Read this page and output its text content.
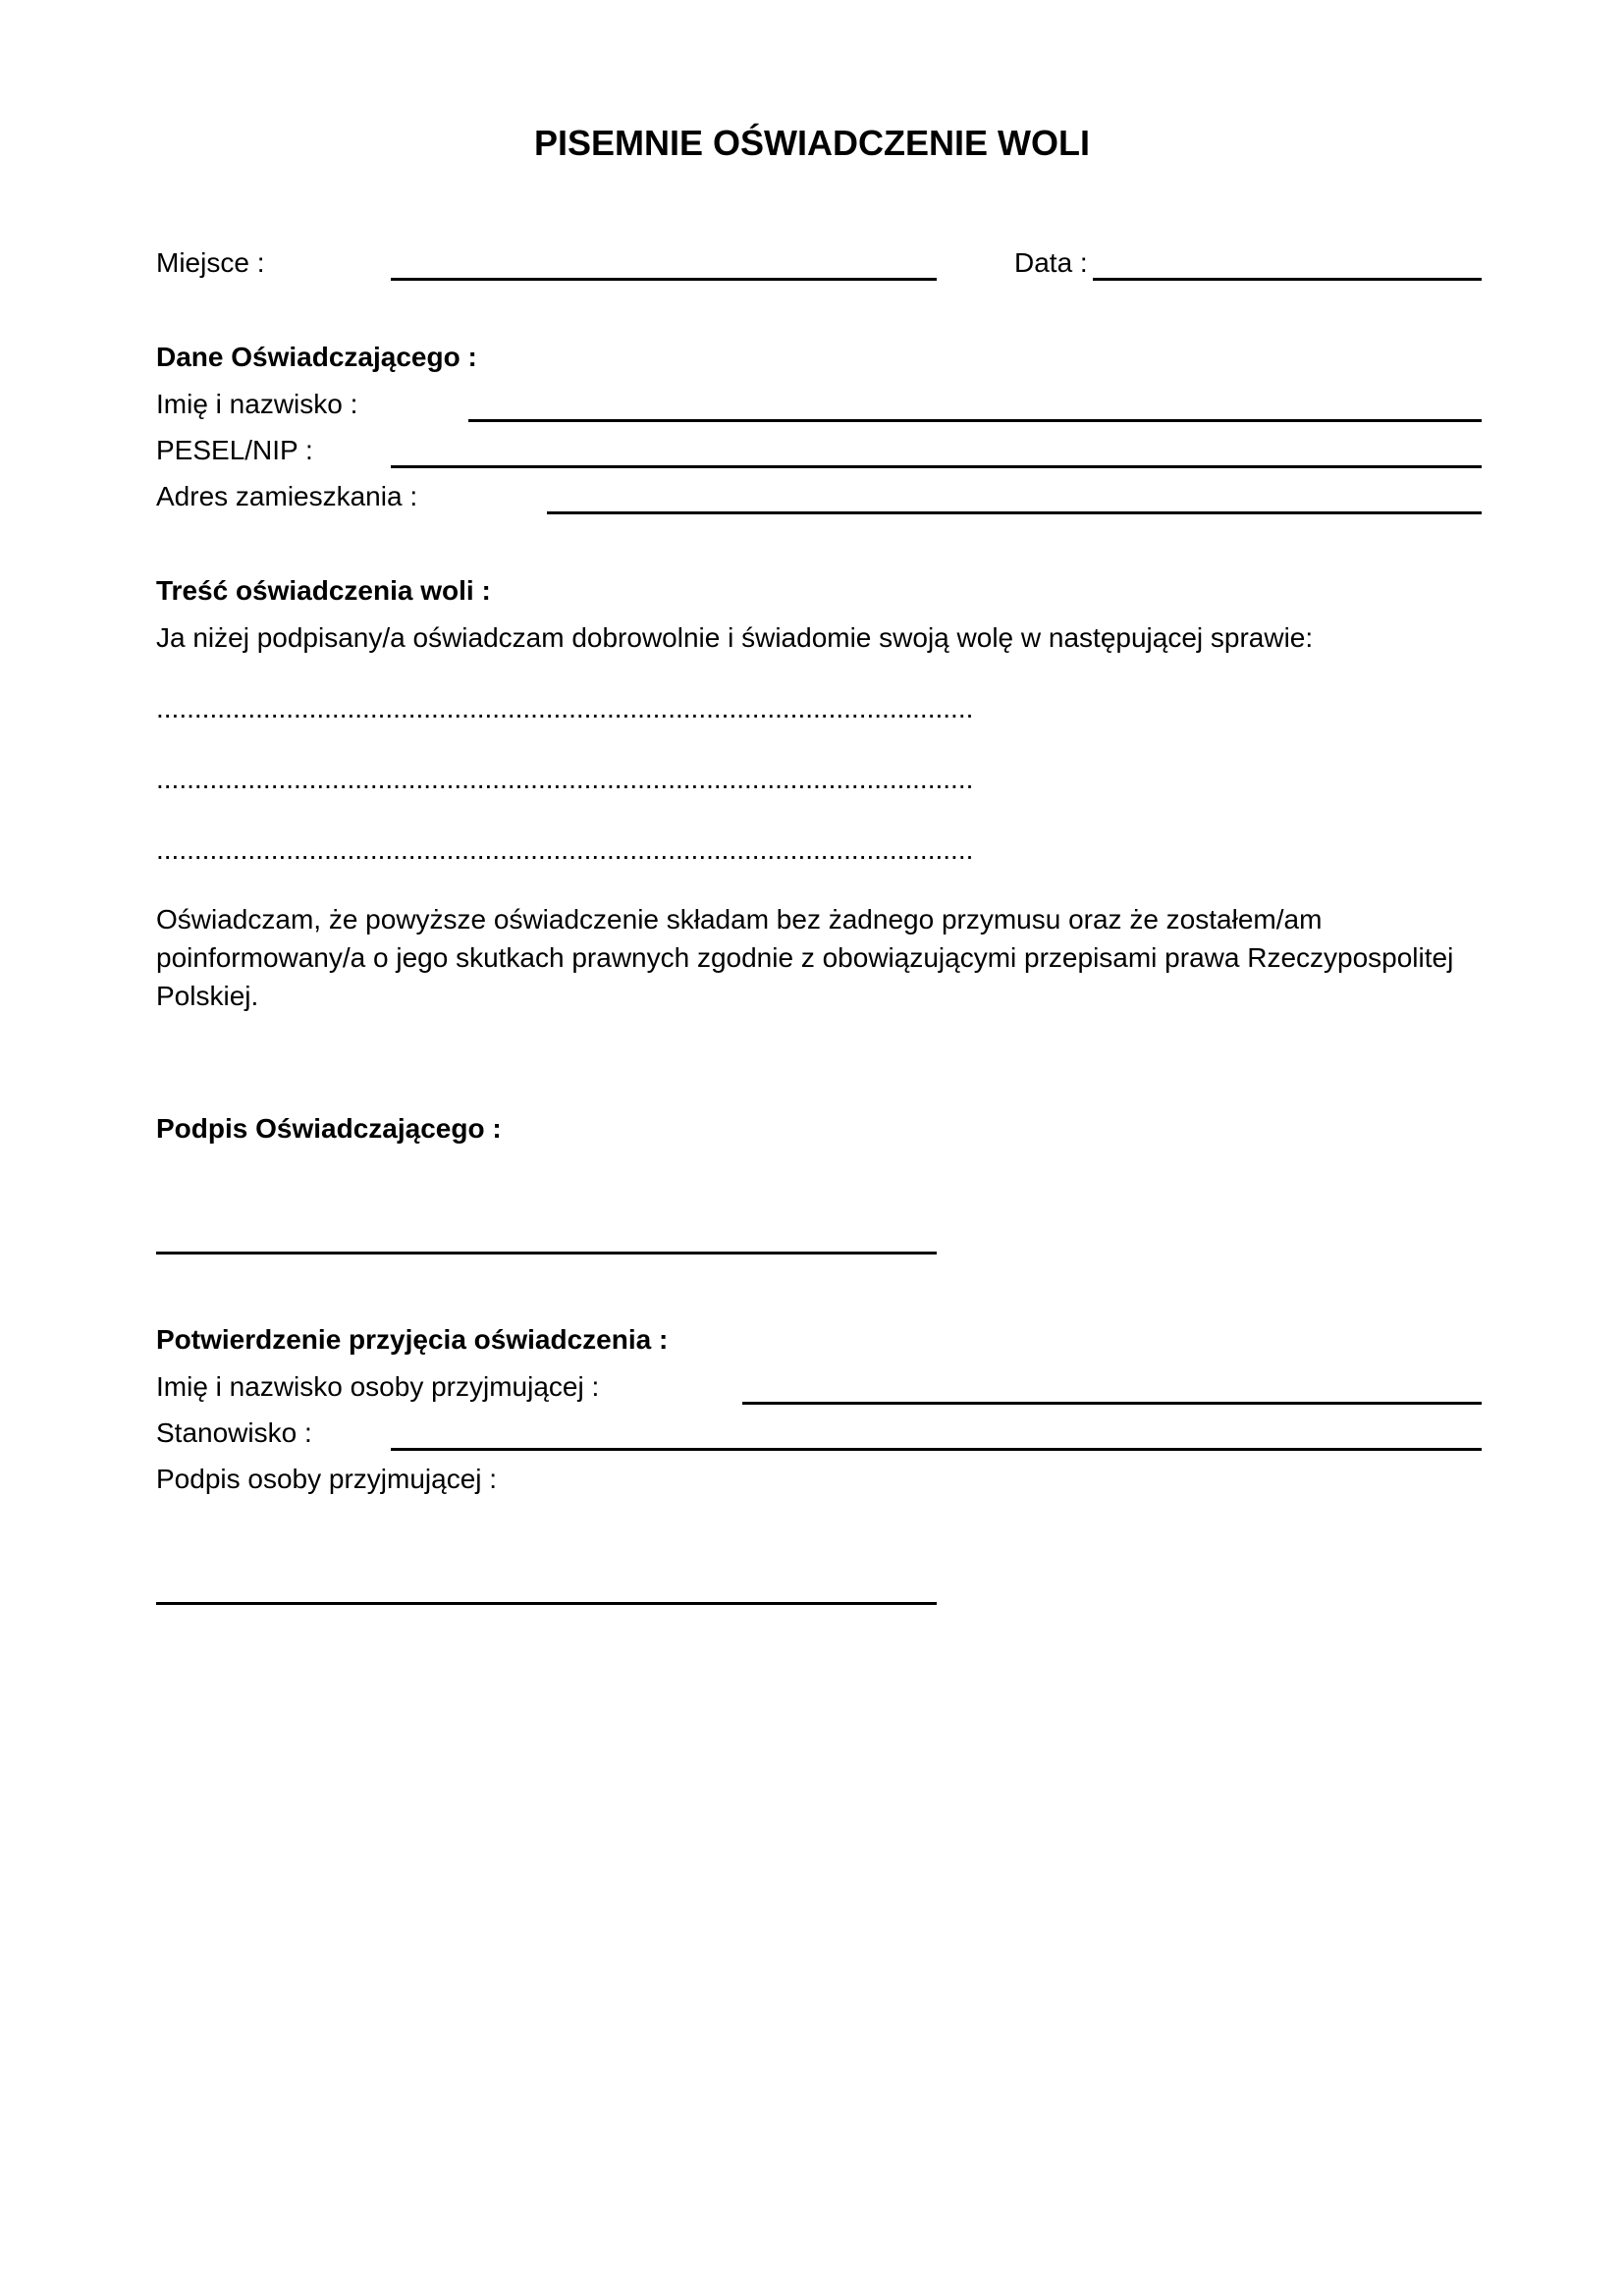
PISEMNIE OŚWIADCZENIE WOLI
Miejsce :	Data :
Dane Oświadczającego :
Imię i nazwisko :
PESEL/NIP :
Adres zamieszkania :
Treść oświadczenia woli :
Ja niżej podpisany/a oświadczam dobrowolnie i świadomie swoją wolę w następującej sprawie:
...........................................................................................................
...........................................................................................................
...........................................................................................................
Oświadczam, że powyższe oświadczenie składam bez żadnego przymusu oraz że zostałem/am poinformowany/a o jego skutkach prawnych zgodnie z obowiązującymi przepisami prawa Rzeczypospolitej Polskiej.
Podpis Oświadczającego :
Potwierdzenie przyjęcia oświadczenia :
Imię i nazwisko osoby przyjmującej :
Stanowisko :
Podpis osoby przyjmującej :
